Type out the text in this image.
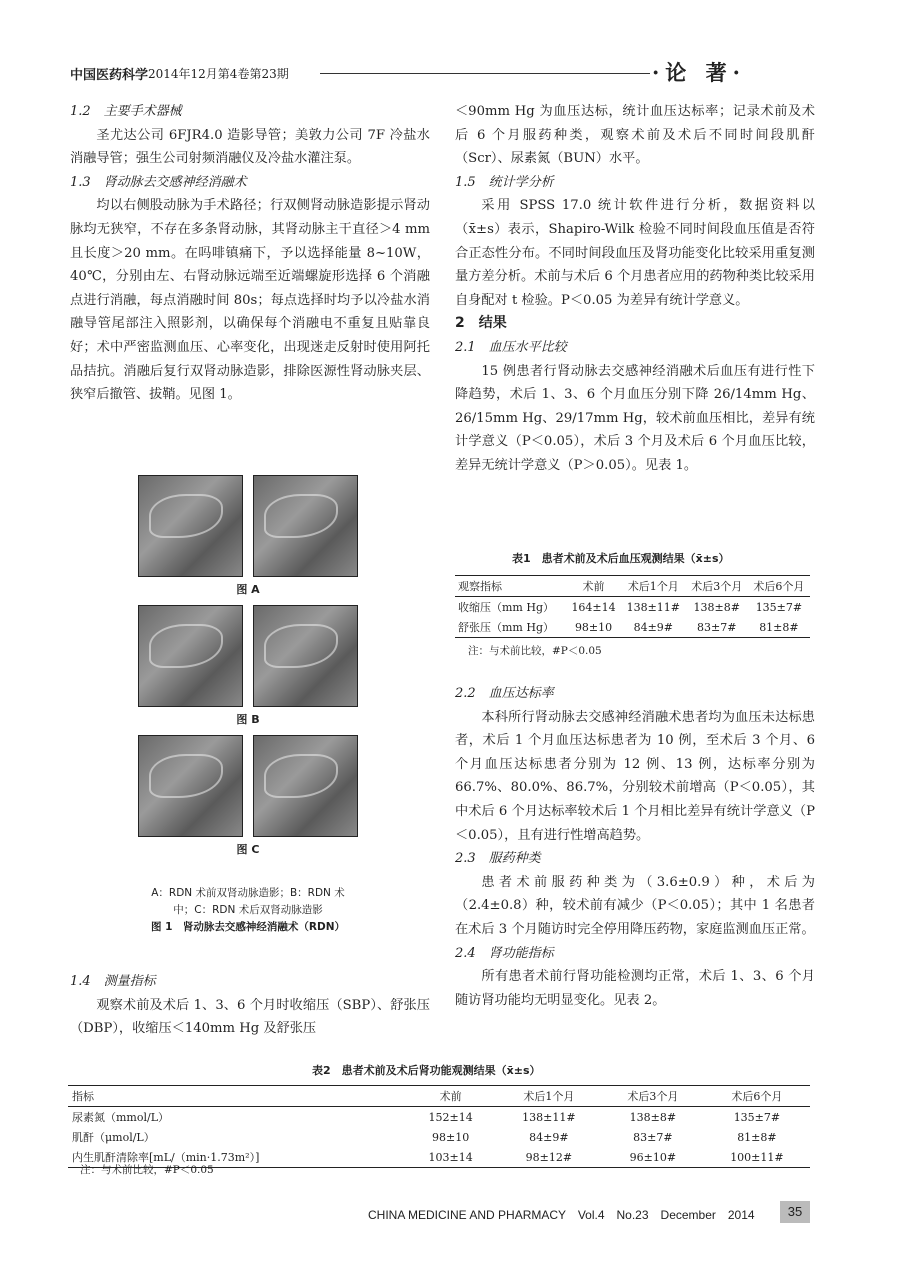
中国医药科学 2014年12月第4卷第23期	·论 著·
1.2　主要手术器械

圣尤达公司 6FJR4.0 造影导管；美敦力公司 7F 冷盐水消融导管；强生公司射频消融仪及冷盐水灌注泵。

1.3　肾动脉去交感神经消融术

均以右侧股动脉为手术路径；行双侧肾动脉造影提示肾动脉均无狭窄，不存在多条肾动脉，其肾动脉主干直径＞4 mm 且长度＞20 mm。在吗啡镇痛下，予以选择能量 8~10W，40℃，分别由左、右肾动脉远端至近端螺旋形选择 6 个消融点进行消融，每点消融时间 80s；每点选择时均予以冷盐水消融导管尾部注入照影剂，以确保每个消融电不重复且贴靠良好；术中严密监测血压、心率变化，出现迷走反射时使用阿托品拮抗。消融后复行双肾动脉造影，排除医源性肾动脉夹层、狭窄后撤管、拔鞘。见图 1。

图 A
图 B
图 C
A：RDN 术前双肾动脉造影；B：RDN 术
中；C：RDN 术后双肾动脉造影
图 1　肾动脉去交感神经消融术（RDN）
1.4　测量指标

观察术前及术后 1、3、6 个月时收缩压（SBP）、舒张压（DBP），收缩压＜140mm Hg 及舒张压

＜90mm Hg 为血压达标，统计血压达标率；记录术前及术后 6 个月服药种类，观察术前及术后不同时间段肌酐（Scr）、尿素氮（BUN）水平。

1.5　统计学分析

采用 SPSS 17.0 统计软件进行分析，数据资料以（x̄±s）表示，Shapiro-Wilk 检验不同时间段血压值是否符合正态性分布。不同时间段血压及肾功能变化比较采用重复测量方差分析。术前与术后 6 个月患者应用的药物种类比较采用自身配对 t 检验。P＜0.05 为差异有统计学意义。

2　结果
2.1　血压水平比较

15 例患者行肾动脉去交感神经消融术后血压有进行性下降趋势，术后 1、3、6 个月血压分别下降 26/14mm Hg、26/15mm Hg、29/17mm Hg，较术前血压相比，差异有统计学意义（P＜0.05），术后 3 个月及术后 6 个月血压比较，差异无统计学意义（P＞0.05）。见表 1。

表1　患者术前及术后血压观测结果（x̄±s）
观察指标	术前	术后1个月	术后3个月	术后6个月
收缩压（mm Hg）	164±14	138±11#	138±8#	135±7#
舒张压（mm Hg）	98±10	84±9#	83±7#	81±8#
注：与术前比较，#P＜0.05
2.2　血压达标率

本科所行肾动脉去交感神经消融术患者均为血压未达标患者，术后 1 个月血压达标患者为 10 例，至术后 3 个月、6 个月血压达标患者分别为 12 例、13 例，达标率分别为 66.7%、80.0%、86.7%，分别较术前增高（P＜0.05），其中术后 6 个月达标率较术后 1 个月相比差异有统计学意义（P＜0.05），且有进行性增高趋势。

2.3　服药种类

患者术前服药种类为（3.6±0.9）种，术后为（2.4±0.8）种，较术前有减少（P＜0.05）；其中 1 名患者在术后 3 个月随访时完全停用降压药物，家庭监测血压正常。

2.4　肾功能指标

所有患者术前行肾功能检测均正常，术后 1、3、6 个月随访肾功能均无明显变化。见表 2。

表2　患者术前及术后肾功能观测结果（x̄±s）
指标	术前	术后1个月	术后3个月	术后6个月
尿素氮（mmol/L）	152±14	138±11#	138±8#	135±7#
肌酐（μmol/L）	98±10	84±9#	83±7#	81±8#
内生肌酐清除率[mL/（min·1.73m²）]	103±14	98±12#	96±10#	100±11#
注：与术前比较，#P＜0.05
CHINA MEDICINE AND PHARMACY　Vol.4　No.23　December　2014	35
